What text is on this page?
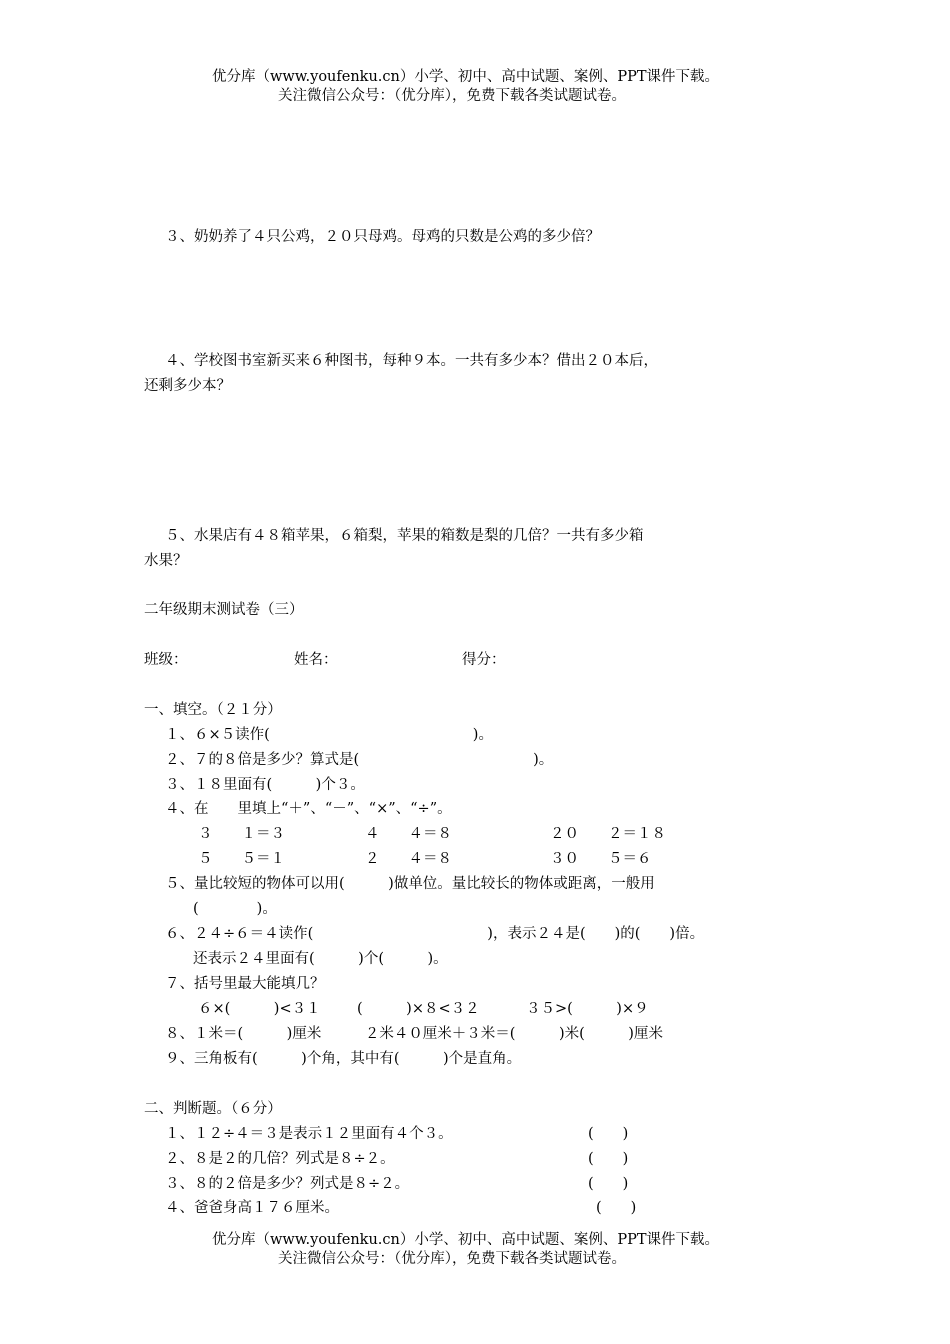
优分库（www.youfenku.cn）小学、初中、高中试题、案例、PPT课件下载。
关注微信公众号：（优分库），免费下载各类试题试卷。
３、奶奶养了４只公鸡，２０只母鸡。母鸡的只数是公鸡的多少倍？
４、学校图书室新买来６种图书，每种９本。一共有多少本？借出２０本后，
还剩多少本？
５、水果店有４８箱苹果，６箱梨，苹果的箱数是梨的几倍？一共有多少箱
水果？
二年级期末测试卷（三）
班级：	姓名：	得分：
一、填空。（２１分）
１、６×５读作(　　　　　　　　　　　　　　)。
２、７的８倍是多少？算式是(　　　　　　　　　　　　)。
３、１８里面有(　　　)个３。
４、在　　里填上“＋”、“－”、“×”、“÷”。
３　　１＝３	４　　４＝８	２０　　２＝１８
５　　５＝１	２　　４＝８	３０　　５＝６
５、量比较短的物体可以用(　　　)做单位。量比较长的物体或距离，一般用
(　　　　)。
６、２４÷６＝４读作(　　　　　　　　　　　　)，表示２４是(　　)的(　　)倍。
还表示２４里面有(　　　)个(　　　)。
７、括号里最大能填几？
６×(　　　)<３１	(　　　)×８<３２	３５>(　　　)×９
８、１米＝(　　　)厘米　　　２米４０厘米＋３米＝(　　　)米(　　　)厘米
９、三角板有(　　　)个角，其中有(　　　)个是直角。
二、判断题。（６分）
１、１２÷４＝３是表示１２里面有４个３。	(　　)
２、８是２的几倍？列式是８÷２。	(　　)
３、８的２倍是多少？列式是８÷２。	(　　)
４、爸爸身高１７６厘米。	(　　)
优分库（www.youfenku.cn）小学、初中、高中试题、案例、PPT课件下载。
关注微信公众号：（优分库），免费下载各类试题试卷。
